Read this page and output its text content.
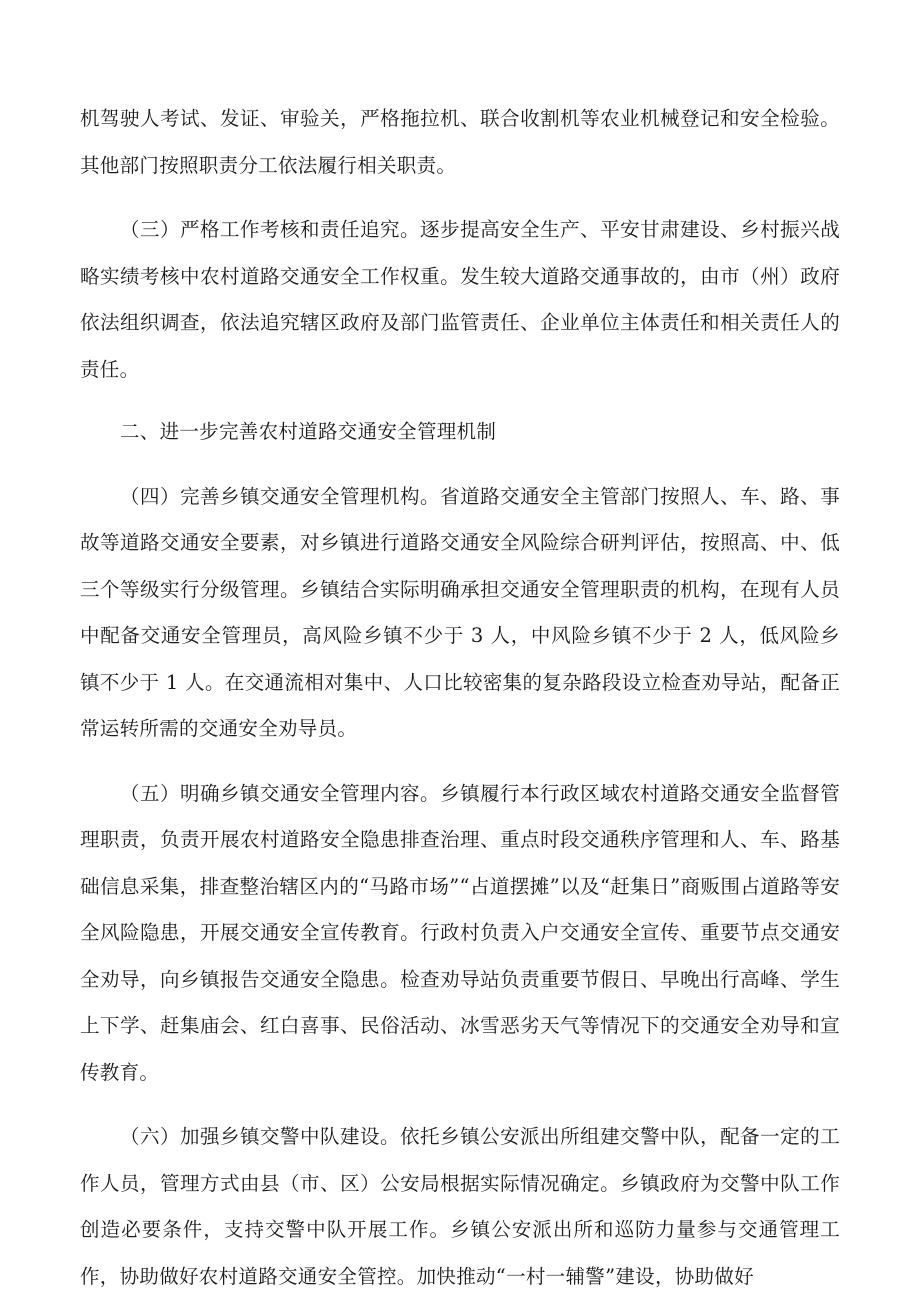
机驾驶人考试、发证、审验关，严格拖拉机、联合收割机等农业机械登记和安全检验。其他部门按照职责分工依法履行相关职责。

（三）严格工作考核和责任追究。逐步提高安全生产、平安甘肃建设、乡村振兴战略实绩考核中农村道路交通安全工作权重。发生较大道路交通事故的，由市（州）政府依法组织调查，依法追究辖区政府及部门监管责任、企业单位主体责任和相关责任人的责任。

二、进一步完善农村道路交通安全管理机制

（四）完善乡镇交通安全管理机构。省道路交通安全主管部门按照人、车、路、事故等道路交通安全要素，对乡镇进行道路交通安全风险综合研判评估，按照高、中、低三个等级实行分级管理。乡镇结合实际明确承担交通安全管理职责的机构，在现有人员中配备交通安全管理员，高风险乡镇不少于 3 人，中风险乡镇不少于 2 人，低风险乡镇不少于 1 人。在交通流相对集中、人口比较密集的复杂路段设立检查劝导站，配备正常运转所需的交通安全劝导员。

（五）明确乡镇交通安全管理内容。乡镇履行本行政区域农村道路交通安全监督管理职责，负责开展农村道路安全隐患排查治理、重点时段交通秩序管理和人、车、路基础信息采集，排查整治辖区内的“马路市场”“占道摆摊”以及“赶集日”商贩围占道路等安全风险隐患，开展交通安全宣传教育。行政村负责入户交通安全宣传、重要节点交通安全劝导，向乡镇报告交通安全隐患。检查劝导站负责重要节假日、早晚出行高峰、学生上下学、赶集庙会、红白喜事、民俗活动、冰雪恶劣天气等情况下的交通安全劝导和宣传教育。

（六）加强乡镇交警中队建设。依托乡镇公安派出所组建交警中队，配备一定的工作人员，管理方式由县（市、区）公安局根据实际情况确定。乡镇政府为交警中队工作创造必要条件，支持交警中队开展工作。乡镇公安派出所和巡防力量参与交通管理工作，协助做好农村道路交通安全管控。加快推动“一村一辅警”建设，协助做好
